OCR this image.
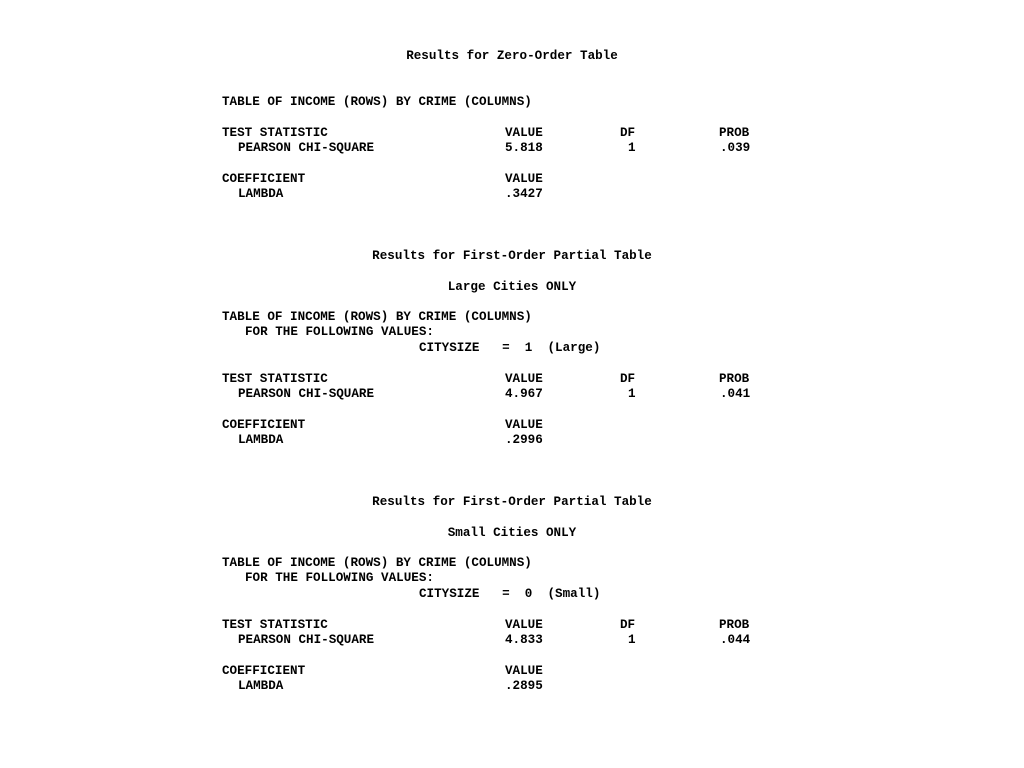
Results for Zero-Order Table
TABLE OF INCOME (ROWS) BY CRIME (COLUMNS)
TEST STATISTIC	VALUE	DF	PROB
PEARSON CHI-SQUARE	5.818	1	.039
COEFFICIENT	VALUE
LAMBDA	.3427
Results for First-Order Partial Table
Large Cities ONLY
TABLE OF INCOME (ROWS) BY CRIME (COLUMNS)
FOR THE FOLLOWING VALUES:
CITYSIZE   =  1  (Large)
TEST STATISTIC	VALUE	DF	PROB
PEARSON CHI-SQUARE	4.967	1	.041
COEFFICIENT	VALUE
LAMBDA	.2996
Results for First-Order Partial Table
Small Cities ONLY
TABLE OF INCOME (ROWS) BY CRIME (COLUMNS)
FOR THE FOLLOWING VALUES:
CITYSIZE   =  0  (Small)
TEST STATISTIC	VALUE	DF	PROB
PEARSON CHI-SQUARE	4.833	1	.044
COEFFICIENT	VALUE
LAMBDA	.2895
